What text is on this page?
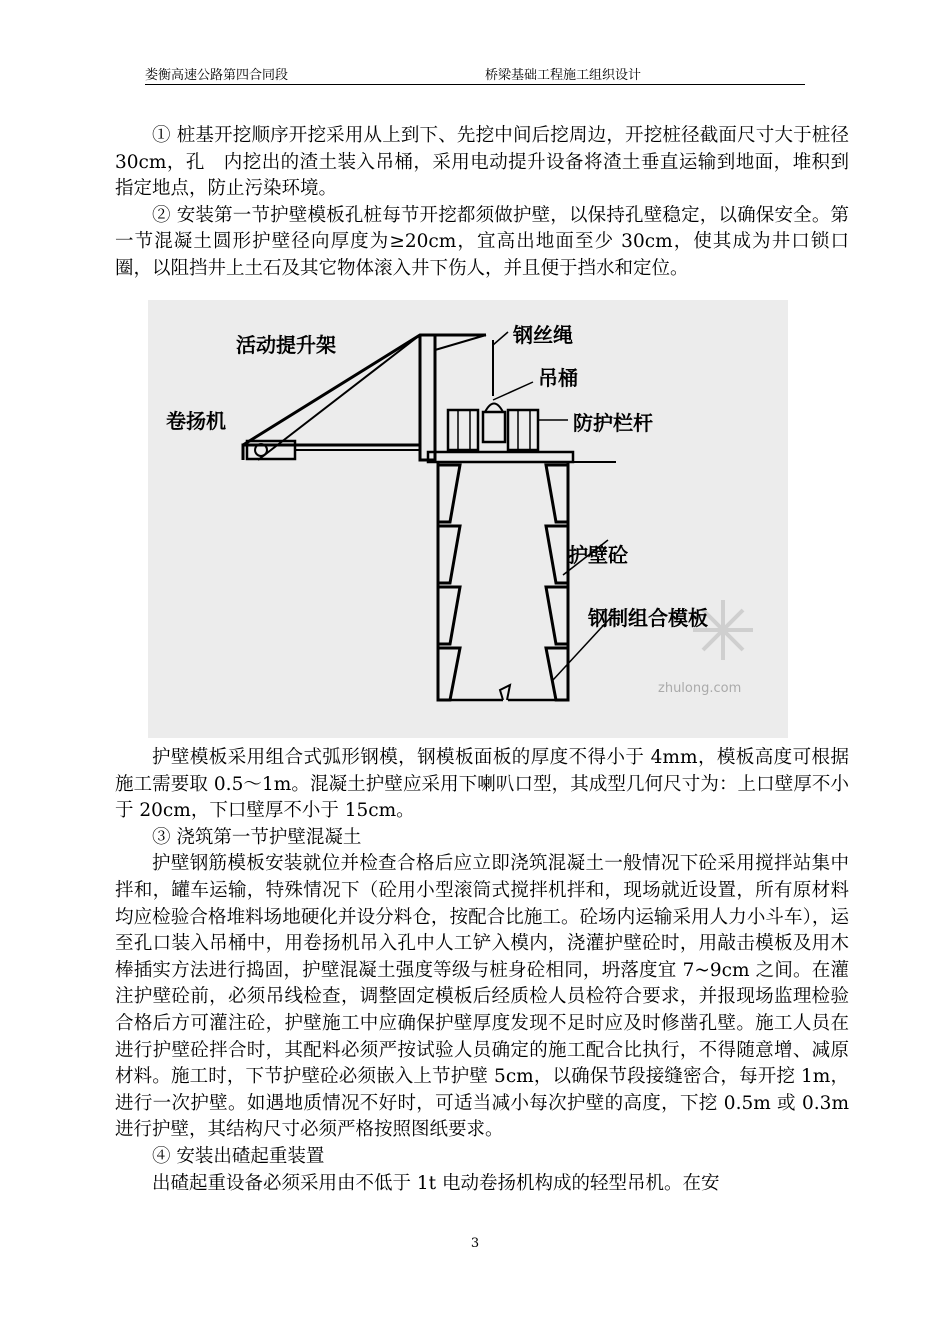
娄衡高速公路第四合同段	桥梁基础工程施工组织设计

① 桩基开挖顺序开挖采用从上到下、先挖中间后挖周边，开挖桩径截面尺寸大于桩径 30cm，孔　内挖出的渣土装入吊桶，采用电动提升设备将渣土垂直运输到地面，堆积到指定地点，防止污染环境。

② 安装第一节护壁模板孔桩每节开挖都须做护壁，以保持孔壁稳定，以确保安全。第一节混凝土圆形护壁径向厚度为≥20cm，宜高出地面至少 30cm，使其成为井口锁口圈，以阻挡井上土石及其它物体滚入井下伤人，并且便于挡水和定位。

活动提升架	钢丝绳
吊桶
卷扬机	防护栏杆
护壁砼
钢制组合模板
zhulong.com

护壁模板采用组合式弧形钢模，钢模板面板的厚度不得小于 4mm，模板高度可根据施工需要取 0.5～1m。混凝土护壁应采用下喇叭口型，其成型几何尺寸为：上口壁厚不小于 20cm，下口壁厚不小于 15cm。

③ 浇筑第一节护壁混凝土

护壁钢筋模板安装就位并检查合格后应立即浇筑混凝土一般情况下砼采用搅拌站集中拌和，罐车运输，特殊情况下（砼用小型滚筒式搅拌机拌和，现场就近设置，所有原材料均应检验合格堆料场地硬化并设分料仓，按配合比施工。砼场内运输采用人力小斗车），运至孔口装入吊桶中，用卷扬机吊入孔中人工铲入模内，浇灌护壁砼时，用敲击模板及用木棒插实方法进行捣固，护壁混凝土强度等级与桩身砼相同，坍落度宜 7~9cm 之间。在灌注护壁砼前，必须吊线检查，调整固定模板后经质检人员检符合要求，并报现场监理检验合格后方可灌注砼，护壁施工中应确保护壁厚度发现不足时应及时修凿孔壁。施工人员在进行护壁砼拌合时，其配料必须严按试验人员确定的施工配合比执行，不得随意增、减原材料。施工时，下节护壁砼必须嵌入上节护壁 5cm，以确保节段接缝密合，每开挖 1m，进行一次护壁。如遇地质情况不好时，可适当减小每次护壁的高度，下挖 0.5m 或 0.3m 进行护壁，其结构尺寸必须严格按照图纸要求。

④ 安装出碴起重装置

出碴起重设备必须采用由不低于 1t 电动卷扬机构成的轻型吊机。在安

3
